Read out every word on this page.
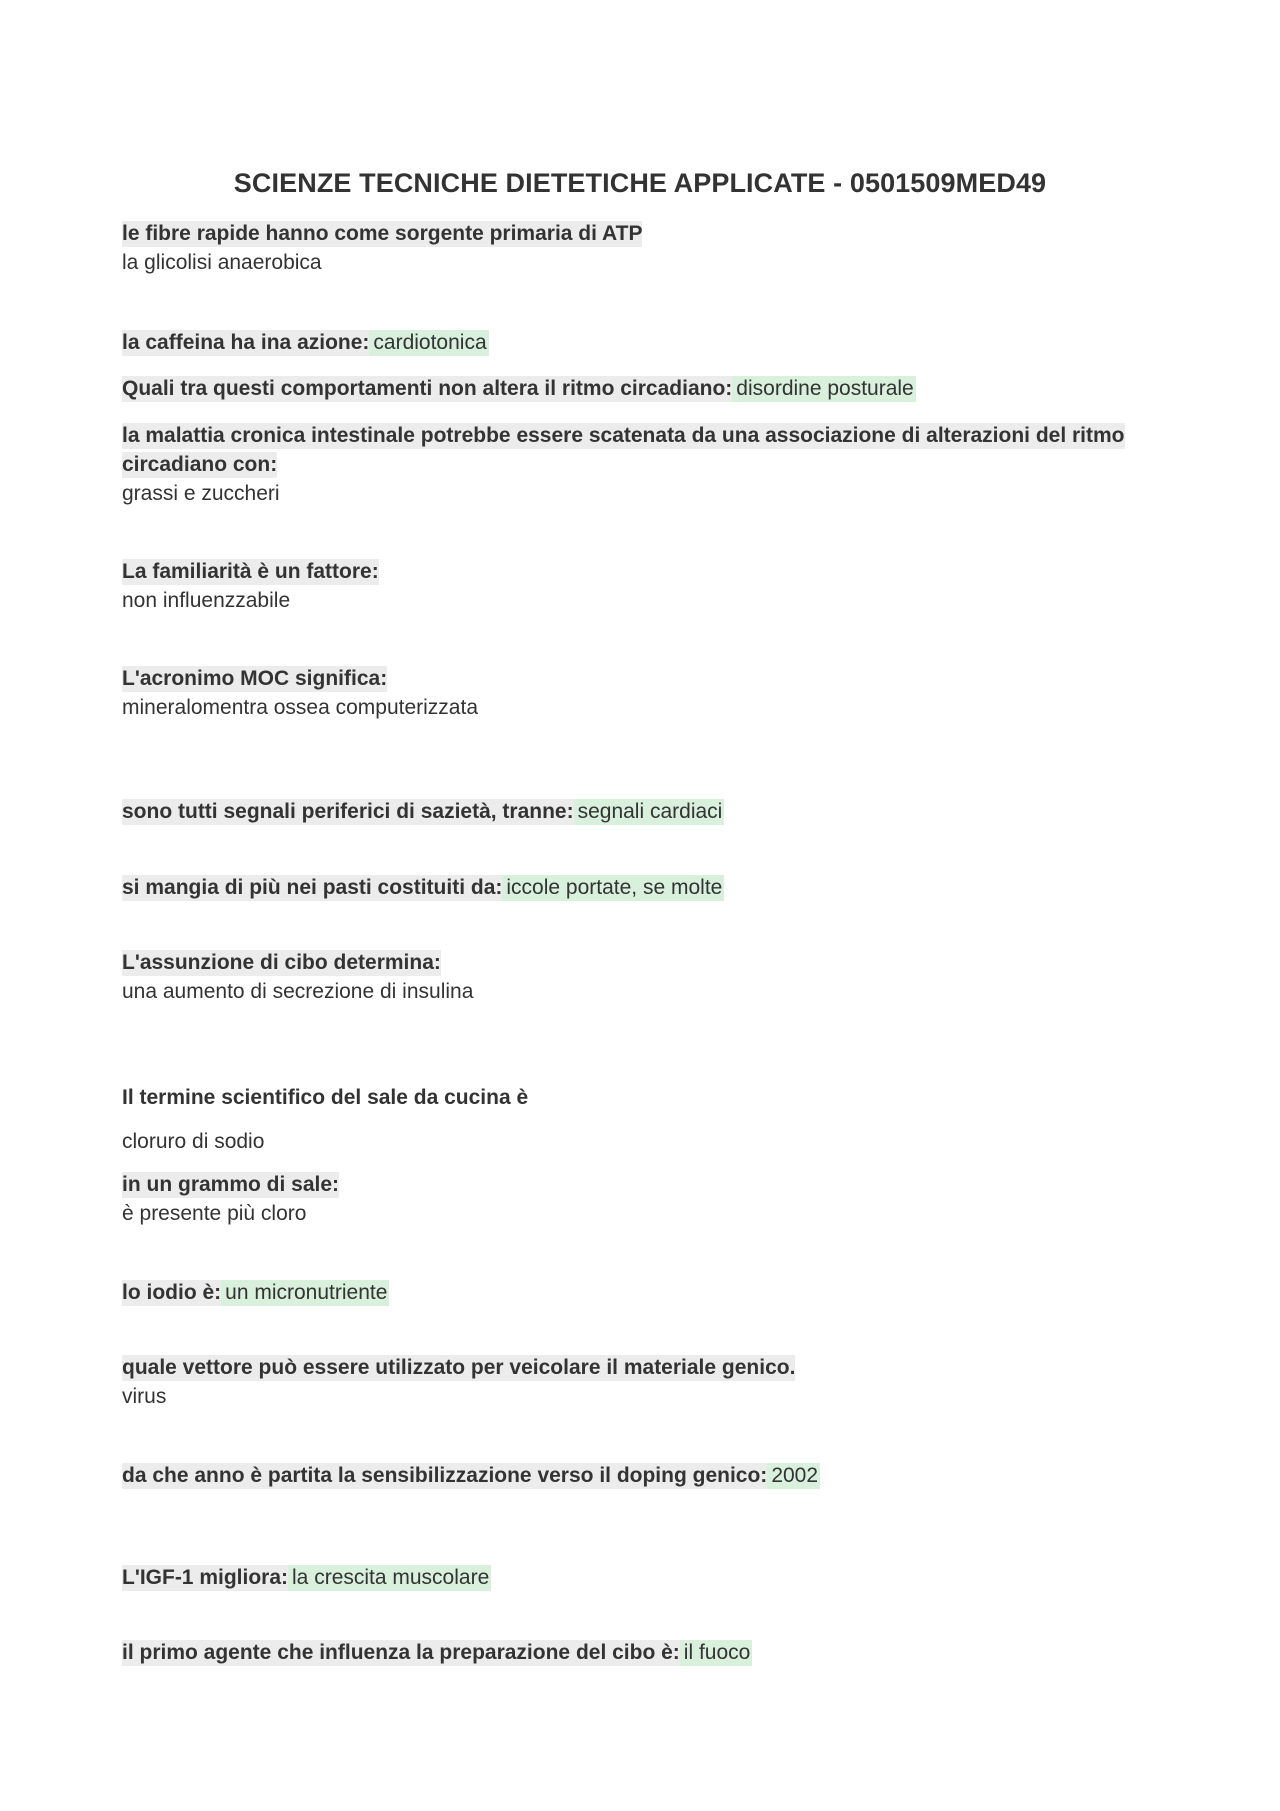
SCIENZE TECNICHE DIETETICHE APPLICATE - 0501509MED49
le fibre rapide hanno come sorgente primaria di ATP
la glicolisi anaerobica
la caffeina ha ina azione: cardiotonica
Quali tra questi comportamenti non altera il ritmo circadiano: disordine posturale
la malattia cronica intestinale potrebbe essere scatenata da una associazione di alterazioni del ritmo circadiano con:
grassi e zuccheri
La familiarità è un fattore:
non influenzzabile
L'acronimo MOC significa:
mineralomentra ossea computerizzata
sono tutti segnali periferici di sazietà, tranne: segnali cardiaci
si mangia di più nei pasti costituiti da: iccole portate, se molte
L'assunzione di cibo determina:
una aumento di secrezione di insulina
Il termine scientifico del sale da cucina è
cloruro di sodio
in un grammo di sale:
è presente più cloro
lo iodio è: un micronutriente
quale vettore può essere utilizzato per veicolare il materiale genico.
virus
da che anno è partita la sensibilizzazione verso il doping genico: 2002
L'IGF-1 migliora: la crescita muscolare
il primo agente che influenza la preparazione del cibo è: il fuoco
